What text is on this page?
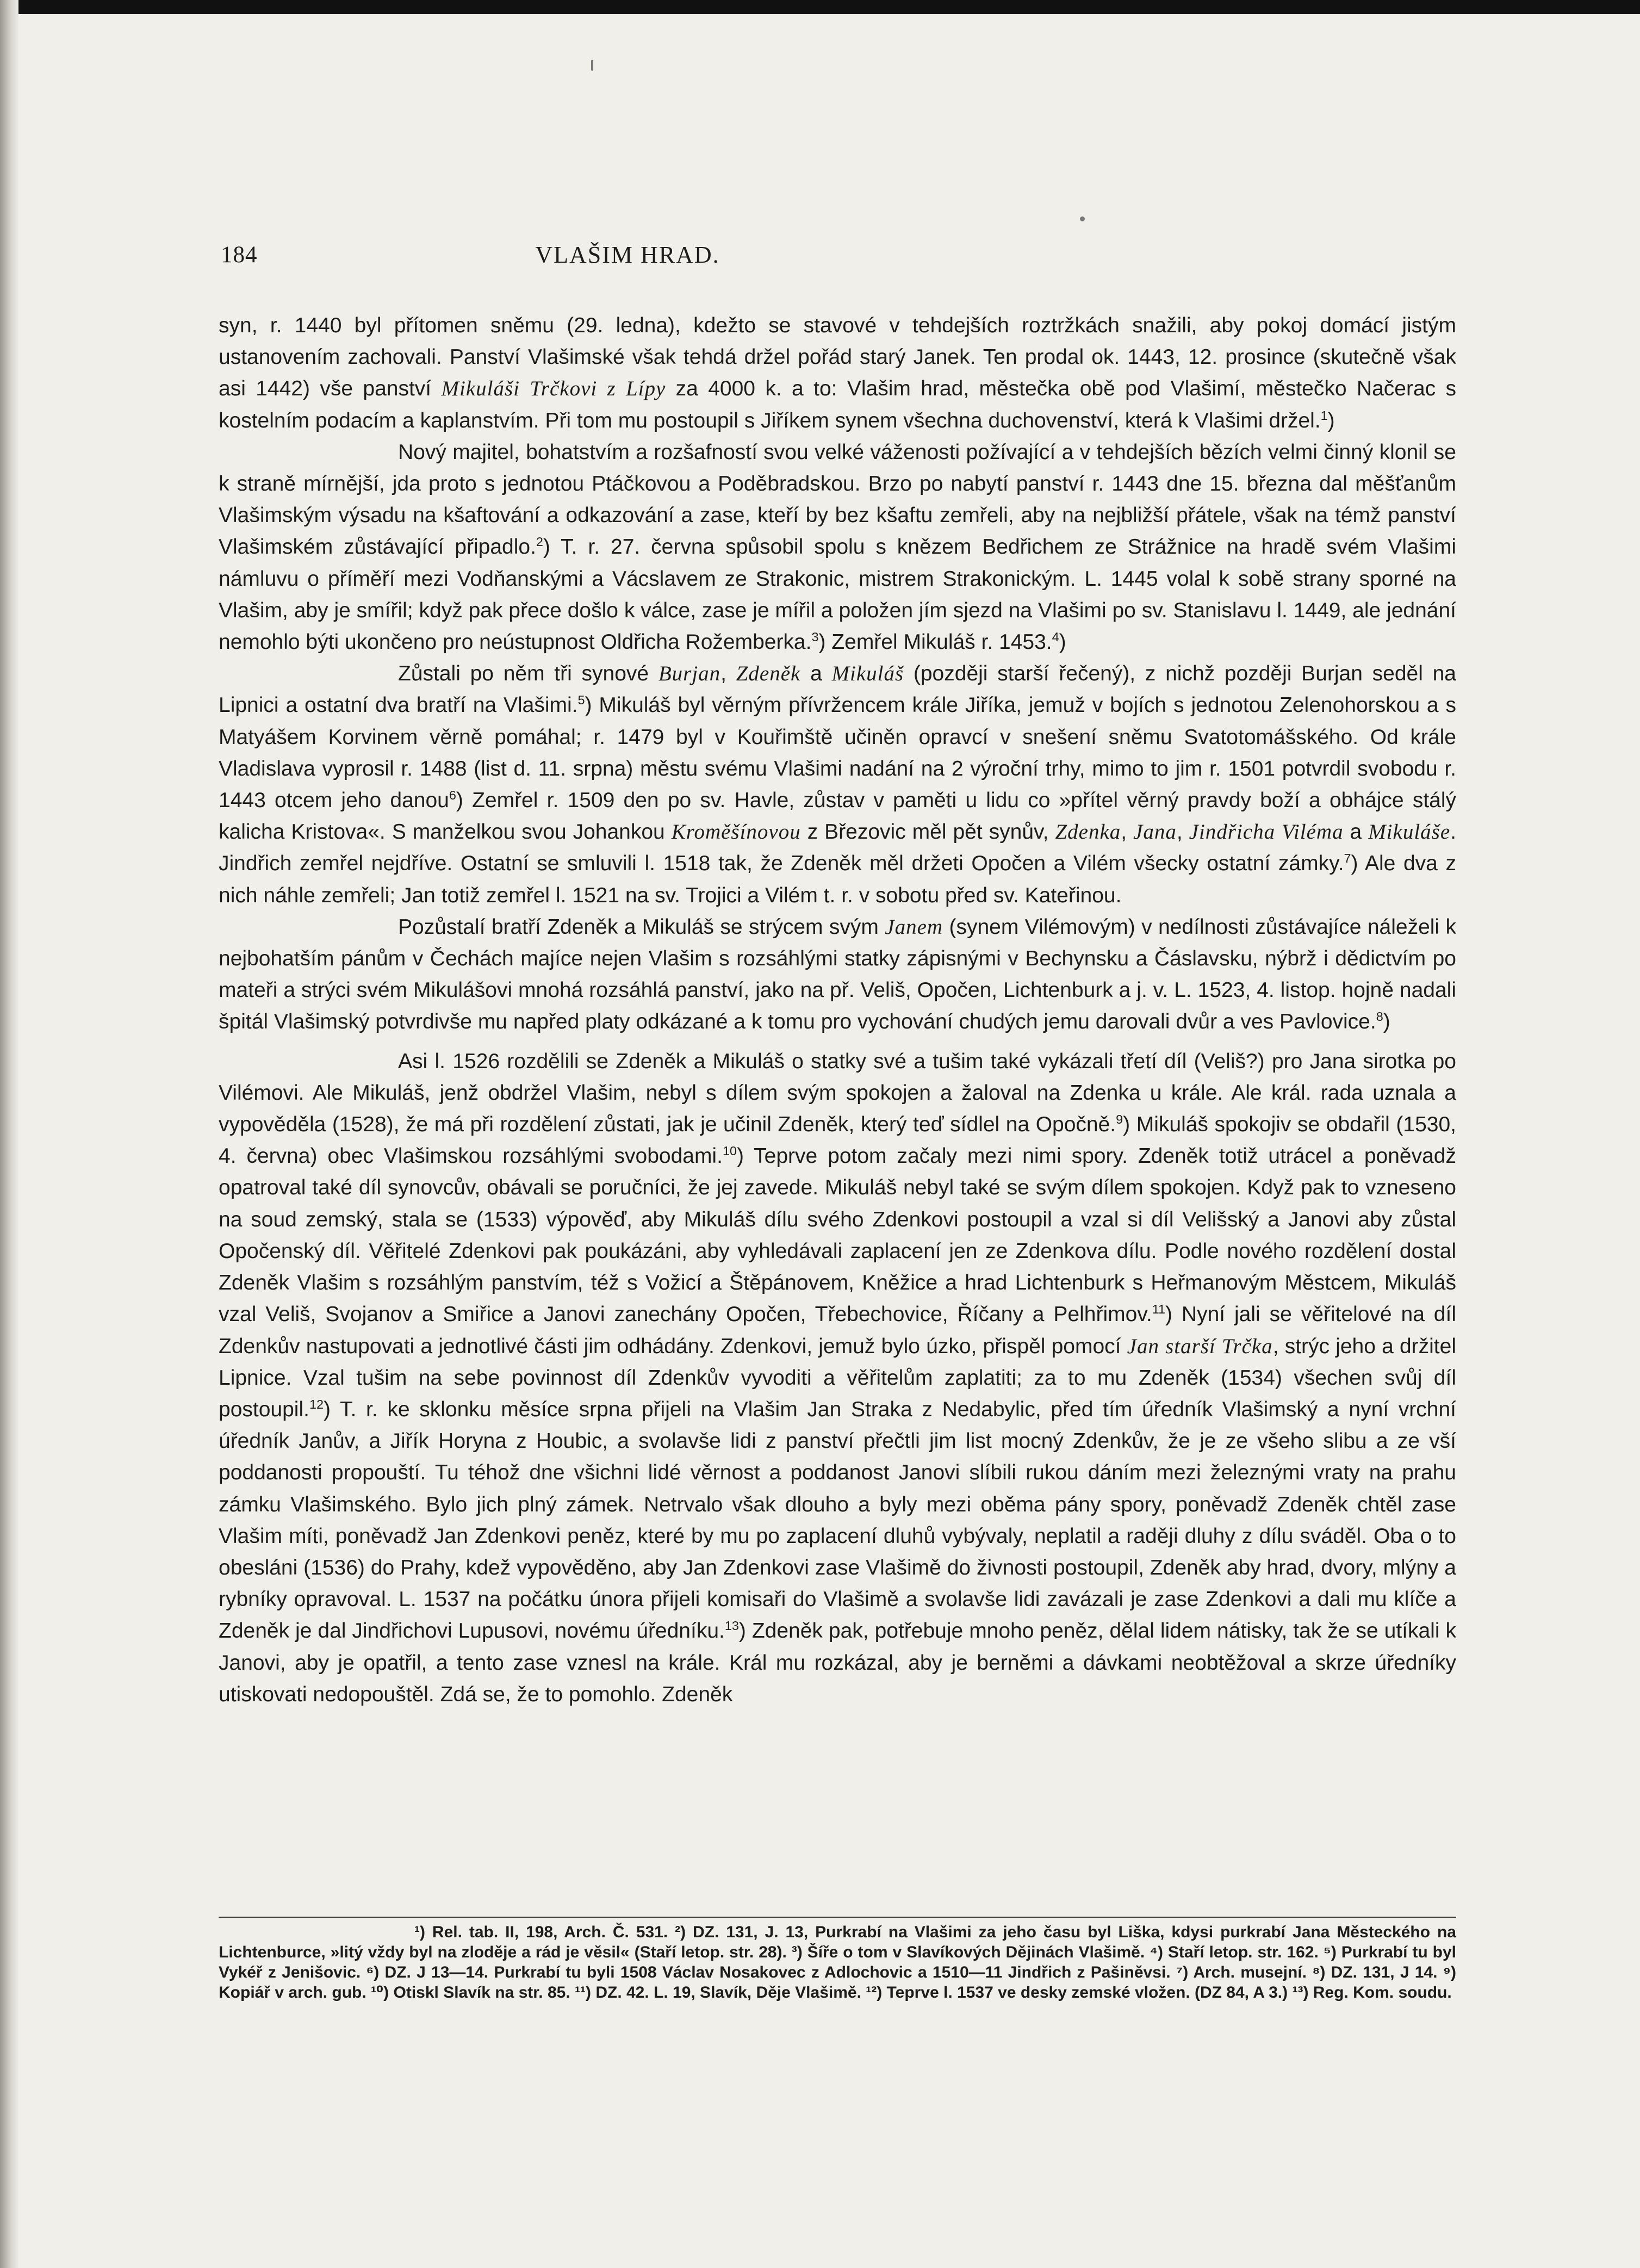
184	VLAŠIM HRAD.

syn, r. 1440 byl přítomen sněmu (29. ledna), kdežto se stavové v tehdejších roztržkách snažili, aby pokoj domácí jistým ustanovením zachovali. Panství Vlašimské však tehdá držel pořád starý Janek. Ten prodal ok. 1443, 12. prosince (skutečně však asi 1442) vše panství Mikuláši Trčkovi z Lípy za 4000 k. a to: Vlašim hrad, městečka obě pod Vlašimí, městečko Načerac s kostelním podacím a kaplanstvím. Při tom mu postoupil s Jiříkem synem všechna duchovenství, která k Vlašimi držel.$^1$)

Nový majitel, bohatstvím a rozšafností svou velké váženosti požívající a v tehdejších bězích velmi činný klonil se k straně mírnější, jda proto s jednotou Ptáčkovou a Poděbradskou. Brzo po nabytí panství r. 1443 dne 15. března dal měšťanům Vlašimským výsadu na kšaftování a odkazování a zase, kteří by bez kšaftu zemřeli, aby na nejbližší přátele, však na témž panství Vlašimském zůstávající připadlo.$^2$) T. r. 27. června spůsobil spolu s knězem Bedřichem ze Strážnice na hradě svém Vlašimi námluvu o příměří mezi Vodňanskými a Vácslavem ze Strakonic, mistrem Strakonickým. L. 1445 volal k sobě strany sporné na Vlašim, aby je smířil; když pak přece došlo k válce, zase je mířil a položen jím sjezd na Vlašimi po sv. Stanislavu l. 1449, ale jednání nemohlo býti ukončeno pro neústupnost Oldřicha Rožemberka.$^3$) Zemřel Mikuláš r. 1453.$^4$)

Zůstali po něm tři synové Burjan, Zdeněk a Mikuláš (později starší řečený), z nichž později Burjan seděl na Lipnici a ostatní dva bratří na Vlašimi.$^5$) Mikuláš byl věrným přívržencem krále Jiříka, jemuž v bojích s jednotou Zelenohorskou a s Matyášem Korvinem věrně pomáhal; r. 1479 byl v Kouřimště učiněn opravcí v snešení sněmu Svatotomášského. Od krále Vladislava vyprosil r. 1488 (list d. 11. srpna) městu svému Vlašimi nadání na 2 výroční trhy, mimo to jim r. 1501 potvrdil svobodu r. 1443 otcem jeho danou$^6$) Zemřel r. 1509 den po sv. Havle, zůstav v paměti u lidu co »přítel věrný pravdy boží a obhájce stálý kalicha Kristova«. S manželkou svou Johankou Kroměšínovou z Březovic měl pět synův, Zdenka, Jana, Jindřicha Viléma a Mikuláše. Jindřich zemřel nejdříve. Ostatní se smluvili l. 1518 tak, že Zdeněk měl držeti Opočen a Vilém všecky ostatní zámky.$^7$) Ale dva z nich náhle zemřeli; Jan totiž zemřel l. 1521 na sv. Trojici a Vilém t. r. v sobotu před sv. Kateřinou.

Pozůstalí bratří Zdeněk a Mikuláš se strýcem svým Janem (synem Vilémovým) v nedílnosti zůstávajíce náleželi k nejbohatším pánům v Čechách majíce nejen Vlašim s rozsáhlými statky zápisnými v Bechynsku a Čáslavsku, nýbrž i dědictvím po mateři a strýci svém Mikulášovi mnohá rozsáhlá panství, jako na př. Veliš, Opočen, Lichtenburk a j. v. L. 1523, 4. listop. hojně nadali špitál Vlašimský potvrdivše mu napřed platy odkázané a k tomu pro vychování chudých jemu darovali dvůr a ves Pavlovice.$^8$)

Asi l. 1526 rozdělili se Zdeněk a Mikuláš o statky své a tušim také vykázali třetí díl (Veliš?) pro Jana sirotka po Vilémovi. Ale Mikuláš, jenž obdržel Vlašim, nebyl s dílem svým spokojen a žaloval na Zdenka u krále. Ale král. rada uznala a vypověděla (1528), že má při rozdělení zůstati, jak je učinil Zdeněk, který teď sídlel na Opočně.$^9$) Mikuláš spokojiv se obdařil (1530, 4. června) obec Vlašimskou rozsáhlými svobodami.$^{10}$) Teprve potom začaly mezi nimi spory. Zdeněk totiž utrácel a poněvadž opatroval také díl synovcův, obávali se poručníci, že jej zavede. Mikuláš nebyl také se svým dílem spokojen. Když pak to vzneseno na soud zemský, stala se (1533) výpověď, aby Mikuláš dílu svého Zdenkovi postoupil a vzal si díl Velišský a Janovi aby zůstal Opočenský díl. Věřitelé Zdenkovi pak poukázáni, aby vyhledávali zaplacení jen ze Zdenkova dílu. Podle nového rozdělení dostal Zdeněk Vlašim s rozsáhlým panstvím, též s Vožicí a Štěpánovem, Kněžice a hrad Lichtenburk s Heřmanovým Městcem, Mikuláš vzal Veliš, Svojanov a Smiřice a Janovi zanechány Opočen, Třebechovice, Říčany a Pelhřimov.$^{11}$) Nyní jali se věřitelové na díl Zdenkův nastupovati a jednotlivé části jim odhádány. Zdenkovi, jemuž bylo úzko, přispěl pomocí Jan starší Trčka, strýc jeho a držitel Lipnice. Vzal tušim na sebe povinnost díl Zdenkův vyvoditi a věřitelům zaplatiti; za to mu Zdeněk (1534) všechen svůj díl postoupil.$^{12}$) T. r. ke sklonku měsíce srpna přijeli na Vlašim Jan Straka z Nedabylic, před tím úředník Vlašimský a nyní vrchní úředník Janův, a Jiřík Horyna z Houbic, a svolavše lidi z panství přečtli jim list mocný Zdenkův, že je ze všeho slibu a ze vší poddanosti propouští. Tu téhož dne všichni lidé věrnost a poddanost Janovi slíbili rukou dáním mezi železnými vraty na prahu zámku Vlašimského. Bylo jich plný zámek. Netrvalo však dlouho a byly mezi oběma pány spory, poněvadž Zdeněk chtěl zase Vlašim míti, poněvadž Jan Zdenkovi peněz, které by mu po zaplacení dluhů vybývaly, neplatil a raději dluhy z dílu sváděl. Oba o to obesláni (1536) do Prahy, kdež vypověděno, aby Jan Zdenkovi zase Vlašimě do živnosti postoupil, Zdeněk aby hrad, dvory, mlýny a rybníky opravoval. L. 1537 na počátku února přijeli komisaři do Vlašimě a svolavše lidi zavázali je zase Zdenkovi a dali mu klíče a Zdeněk je dal Jindřichovi Lupusovi, novému úředníku.$^{13}$) Zdeněk pak, potřebuje mnoho peněz, dělal lidem nátisky, tak že se utíkali k Janovi, aby je opatřil, a tento zase vznesl na krále. Král mu rozkázal, aby je berněmi a dávkami neobtěžoval a skrze úředníky utiskovati nedopouštěl. Zdá se, že to pomohlo. Zdeněk

¹) Rel. tab. II, 198, Arch. Č. 531. ²) DZ. 131, J. 13, Purkrabí na Vlašimi za jeho času byl Liška, kdysi purkrabí Jana Městeckého na Lichtenburce, »litý vždy byl na zloděje a rád je věsil« (Staří letop. str. 28). ³) Šíře o tom v Slavíkových Dějinách Vlašimě. ⁴) Staří letop. str. 162. ⁵) Purkrabí tu byl Vykéř z Jenišovic. ⁶) DZ. J 13—14. Purkrabí tu byli 1508 Václav Nosakovec z Adlochovic a 1510—11 Jindřich z Pašiněvsi. ⁷) Arch. musejní. ⁸) DZ. 131, J 14. ⁹) Kopiář v arch. gub. ¹⁰) Otiskl Slavík na str. 85. ¹¹) DZ. 42. L. 19, Slavík, Děje Vlašimě. ¹²) Teprve l. 1537 ve desky zemské vložen. (DZ 84, A 3.) ¹³) Reg. Kom. soudu.
